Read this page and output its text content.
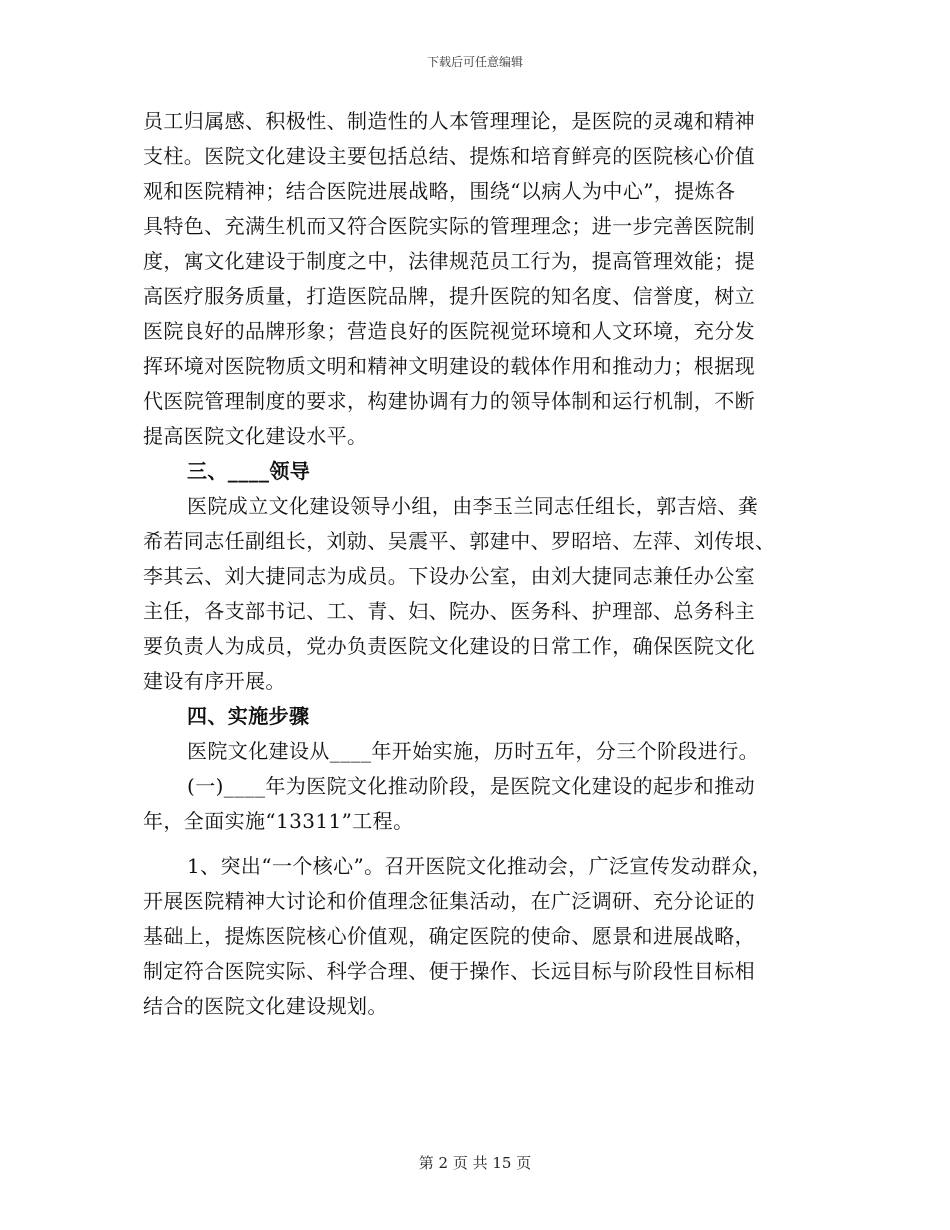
下载后可任意编辑
员工归属感、积极性、制造性的人本管理理论，是医院的灵魂和精神
支柱。医院文化建设主要包括总结、提炼和培育鲜亮的医院核心价值
观和医院精神；结合医院进展战略，围绕“以病人为中心”，提炼各
具特色、充满生机而又符合医院实际的管理理念；进一步完善医院制
度，寓文化建设于制度之中，法律规范员工行为，提高管理效能；提
高医疗服务质量，打造医院品牌，提升医院的知名度、信誉度，树立
医院良好的品牌形象；营造良好的医院视觉环境和人文环境，充分发
挥环境对医院物质文明和精神文明建设的载体作用和推动力；根据现
代医院管理制度的要求，构建协调有力的领导体制和运行机制，不断
提高医院文化建设水平。
三、____领导
医院成立文化建设领导小组，由李玉兰同志任组长，郭吉焙、龚
希若同志任副组长，刘勍、吴震平、郭建中、罗昭培、左萍、刘传垠、
李其云、刘大捷同志为成员。下设办公室，由刘大捷同志兼任办公室
主任，各支部书记、工、青、妇、院办、医务科、护理部、总务科主
要负责人为成员，党办负责医院文化建设的日常工作，确保医院文化
建设有序开展。
四、实施步骤
医院文化建设从____年开始实施，历时五年，分三个阶段进行。
(一)____年为医院文化推动阶段，是医院文化建设的起步和推动
年，全面实施“13311”工程。
1、突出“一个核心”。召开医院文化推动会，广泛宣传发动群众，
开展医院精神大讨论和价值理念征集活动，在广泛调研、充分论证的
基础上，提炼医院核心价值观，确定医院的使命、愿景和进展战略，
制定符合医院实际、科学合理、便于操作、长远目标与阶段性目标相
结合的医院文化建设规划。
第 2 页 共 15 页
